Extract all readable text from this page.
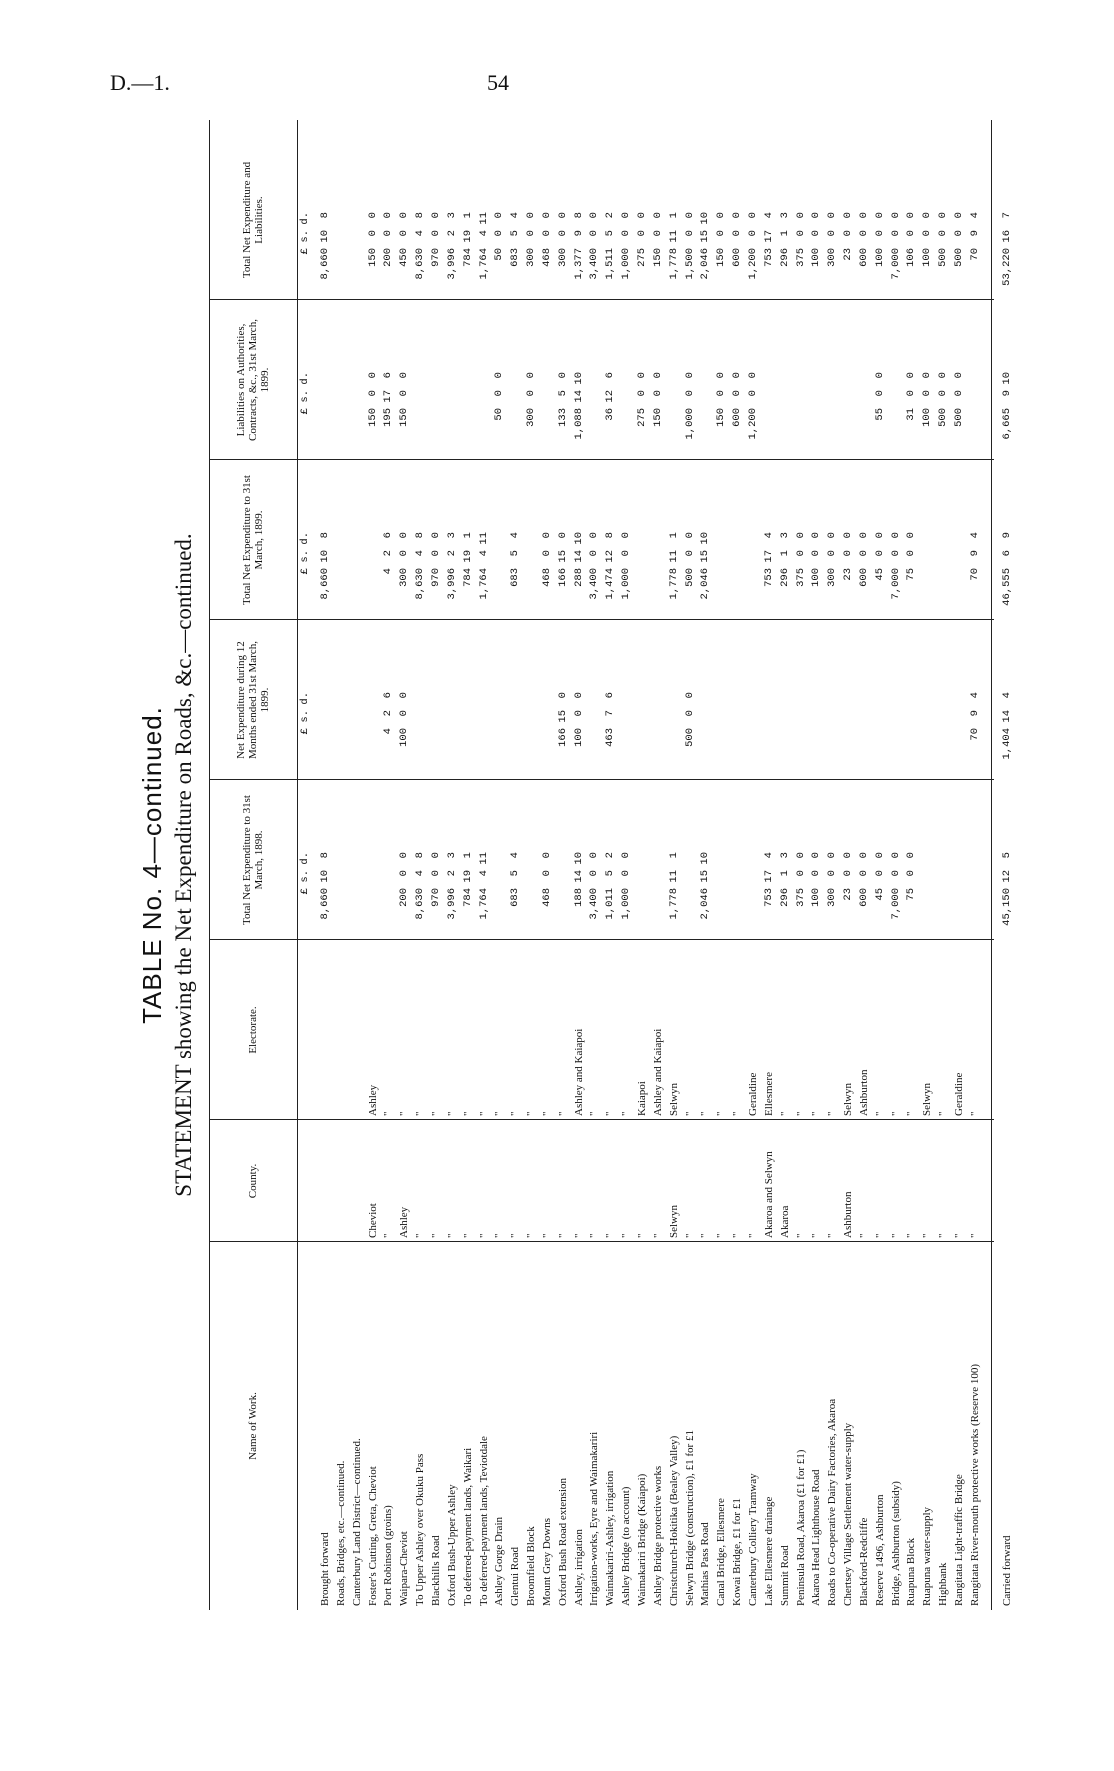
D.—1.	54
TABLE No. 4—continued. STATEMENT showing the Net Expenditure on Roads, &c.—continued.
Name of Work.
County.
Electorate.
Total Net Expenditure to 31st March, 1898.
Net Expenditure during 12 Months ended 31st March, 1899.
Total Net Expenditure to 31st March, 1899.
Liabilities on Authorities, Contracts, &c., 31st March, 1899.
Total Net Expenditure and Liabilities.
£
s.
d.
£
s.
d.
£
s.
d.
£
s.
d.
£
s.
d.
Brought forward
8,660
10
8
8,660
10
8
8,660
10
8
Roads, Bridges, etc.—continued. Canterbury Land District—continued. Foster's Cutting, Greta, Cheviot
Cheviot
Ashley
150
0
0
150
0
0
Port Robinson (groins)
"
"
4
2
6
4
2
6
195
17
6
200
0
0
Waipara-Cheviot
Ashley
"
200
0
0
100
0
0
300
0
0
150
0
0
450
0
0
To Upper Ashley over Okuku Pass
"
"
8,630
4
8
8,630
4
8
8,630
4
8
Blackhills Road
"
"
970
0
0
970
0
0
970
0
0
Oxford Bush-Upper Ashley
"
"
3,996
2
3
3,996
2
3
3,996
2
3
To deferred-payment lands, Waikari
"
"
784
19
1
784
19
1
784
19
1
To deferred-payment lands, Teviotdale
"
"
1,764
4
11
1,764
4
11
1,764
4
11
Ashley Gorge Drain
"
"
50
0
0
50
0
0
Glentui Road
"
"
683
5
4
683
5
4
683
5
4
Broomfield Block
"
"
300
0
0
300
0
0
Mount Grey Downs
"
"
468
0
0
468
0
0
468
0
0
Oxford Bush Road extension
"
"
166
15
0
166
15
0
133
5
0
300
0
0
Ashley, irrigation
"
Ashley and Kaiapoi
188
14
10
100
0
0
288
14
10
1,088
14
10
1,377
9
8
Irrigation-works, Eyre and Waimakariri
"
"
3,400
0
0
3,400
0
0
3,400
0
0
Waimakariri-Ashley, irrigation
"
"
1,011
5
2
463
7
6
1,474
12
8
36
12
6
1,511
5
2
Ashley Bridge (to account)
"
"
1,000
0
0
1,000
0
0
1,000
0
0
Waimakariri Bridge (Kaiapoi)
"
Kaiapoi
275
0
0
275
0
0
Ashley Bridge protective works
"
Ashley and Kaiapoi
150
0
0
150
0
0
Christchurch-Hokitika (Bealey Valley)
Selwyn
Selwyn
1,778
11
1
1,778
11
1
1,778
11
1
Selwyn Bridge (construction), £1 for £1
"
"
500
0
0
500
0
0
1,000
0
0
1,500
0
0
Mathias Pass Road
"
"
2,046
15
10
2,046
15
10
2,046
15
10
Canal Bridge, Ellesmere
"
"
150
0
0
150
0
0
Kowai Bridge, £1 for £1
"
"
600
0
0
600
0
0
Canterbury Colliery Tramway
"
Geraldine
1,200
0
0
1,200
0
0
Lake Ellesmere drainage
Akaroa and Selwyn
Ellesmere
753
17
4
753
17
4
753
17
4
Summit Road
Akaroa
"
296
1
3
296
1
3
296
1
3
Peninsula Road, Akaroa (£1 for £1)
"
"
375
0
0
375
0
0
375
0
0
Akaroa Head Lighthouse Road
"
"
100
0
0
100
0
0
100
0
0
Roads to Co-operative Dairy Factories, Akaroa
"
"
300
0
0
300
0
0
300
0
0
Chertsey Village Settlement water-supply
Ashburton
Selwyn
23
0
0
23
0
0
23
0
0
Blackford-Redcliffe
"
Ashburton
600
0
0
600
0
0
600
0
0
Reserve 1496, Ashburton
"
"
45
0
0
45
0
0
55
0
0
100
0
0
Bridge, Ashburton (subsidy)
"
"
7,000
0
0
7,000
0
0
7,000
0
0
Ruapuna Block
"
"
75
0
0
75
0
0
31
0
0
106
0
0
Ruapuna water-supply
"
Selwyn
100
0
0
100
0
0
Highbank
"
"
500
0
0
500
0
0
Rangitata Light-traffic Bridge
"
Geraldine
500
0
0
500
0
0
Rangitata River-mouth protective works (Reserve 100)
"
"
70
9
4
70
9
4
70
9
4
Carried forward
45,150
12
5
1,404
14
4
46,555
6
9
6,665
9
10
53,220
16
7
